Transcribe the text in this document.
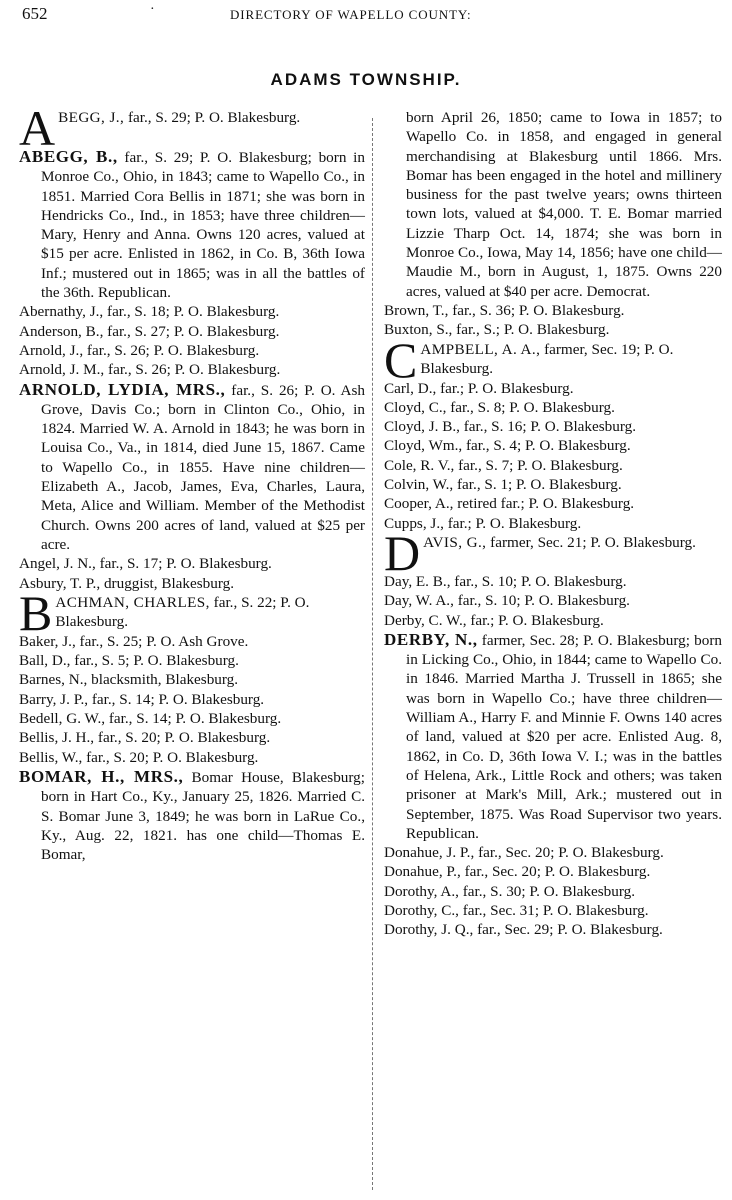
652	·	DIRECTORY OF WAPELLO COUNTY:
ADAMS TOWNSHIP.

ABEGG, J., far., S. 29; P. O. Blakesburg.

ABEGG, B., far., S. 29; P. O. Blakesburg; born in Monroe Co., Ohio, in 1843; came to Wapello Co., in 1851. Married Cora Bellis in 1871; she was born in Hendricks Co., Ind., in 1853; have three children—Mary, Henry and Anna. Owns 120 acres, valued at $15 per acre. Enlisted in 1862, in Co. B, 36th Iowa Inf.; mustered out in 1865; was in all the battles of the 36th. Republican.

Abernathy, J., far., S. 18; P. O. Blakesburg.

Anderson, B., far., S. 27; P. O. Blakesburg.

Arnold, J., far., S. 26; P. O. Blakesburg.

Arnold, J. M., far., S. 26; P. O. Blakesburg.

ARNOLD, LYDIA, MRS., far., S. 26; P. O. Ash Grove, Davis Co.; born in Clinton Co., Ohio, in 1824. Married W. A. Arnold in 1843; he was born in Louisa Co., Va., in 1814, died June 15, 1867. Came to Wapello Co., in 1855. Have nine children—Elizabeth A., Jacob, James, Eva, Charles, Laura, Meta, Alice and William. Member of the Methodist Church. Owns 200 acres of land, valued at $25 per acre.

Angel, J. N., far., S. 17; P. O. Blakesburg.

Asbury, T. P., druggist, Blakesburg.

BACHMAN, CHARLES, far., S. 22; P. O. Blakesburg.

Baker, J., far., S. 25; P. O. Ash Grove.

Ball, D., far., S. 5; P. O. Blakesburg.

Barnes, N., blacksmith, Blakesburg.

Barry, J. P., far., S. 14; P. O. Blakesburg.

Bedell, G. W., far., S. 14; P. O. Blakesburg.

Bellis, J. H., far., S. 20; P. O. Blakesburg.

Bellis, W., far., S. 20; P. O. Blakesburg.

BOMAR, H., MRS., Bomar House, Blakesburg; born in Hart Co., Ky., January 25, 1826. Married C. S. Bomar June 3, 1849; he was born in LaRue Co., Ky., Aug. 22, 1821. has one child—Thomas E. Bomar,

born April 26, 1850; came to Iowa in 1857; to Wapello Co. in 1858, and engaged in general merchandising at Blakesburg until 1866. Mrs. Bomar has been engaged in the hotel and millinery business for the past twelve years; owns thirteen town lots, valued at $4,000. T. E. Bomar married Lizzie Tharp Oct. 14, 1874; she was born in Monroe Co., Iowa, May 14, 1856; have one child—Maudie M., born in August, 1, 1875. Owns 220 acres, valued at $40 per acre. Democrat.

Brown, T., far., S. 36; P. O. Blakesburg.

Buxton, S., far., S.; P. O. Blakesburg.

CAMPBELL, A. A., farmer, Sec. 19; P. O. Blakesburg.

Carl, D., far.; P. O. Blakesburg.

Cloyd, C., far., S. 8; P. O. Blakesburg.

Cloyd, J. B., far., S. 16; P. O. Blakesburg.

Cloyd, Wm., far., S. 4; P. O. Blakesburg.

Cole, R. V., far., S. 7; P. O. Blakesburg.

Colvin, W., far., S. 1; P. O. Blakesburg.

Cooper, A., retired far.; P. O. Blakesburg.

Cupps, J., far.; P. O. Blakesburg.

DAVIS, G., farmer, Sec. 21; P. O. Blakesburg.

Day, E. B., far., S. 10; P. O. Blakesburg.

Day, W. A., far., S. 10; P. O. Blakesburg.

Derby, C. W., far.; P. O. Blakesburg.

DERBY, N., farmer, Sec. 28; P. O. Blakesburg; born in Licking Co., Ohio, in 1844; came to Wapello Co. in 1846. Married Martha J. Trussell in 1865; she was born in Wapello Co.; have three children—William A., Harry F. and Minnie F. Owns 140 acres of land, valued at $20 per acre. Enlisted Aug. 8, 1862, in Co. D, 36th Iowa V. I.; was in the battles of Helena, Ark., Little Rock and others; was taken prisoner at Mark's Mill, Ark.; mustered out in September, 1875. Was Road Supervisor two years. Republican.

Donahue, J. P., far., Sec. 20; P. O. Blakesburg.

Donahue, P., far., Sec. 20; P. O. Blakesburg.

Dorothy, A., far., S. 30; P. O. Blakesburg.

Dorothy, C., far., Sec. 31; P. O. Blakesburg.

Dorothy, J. Q., far., Sec. 29; P. O. Blakesburg.
